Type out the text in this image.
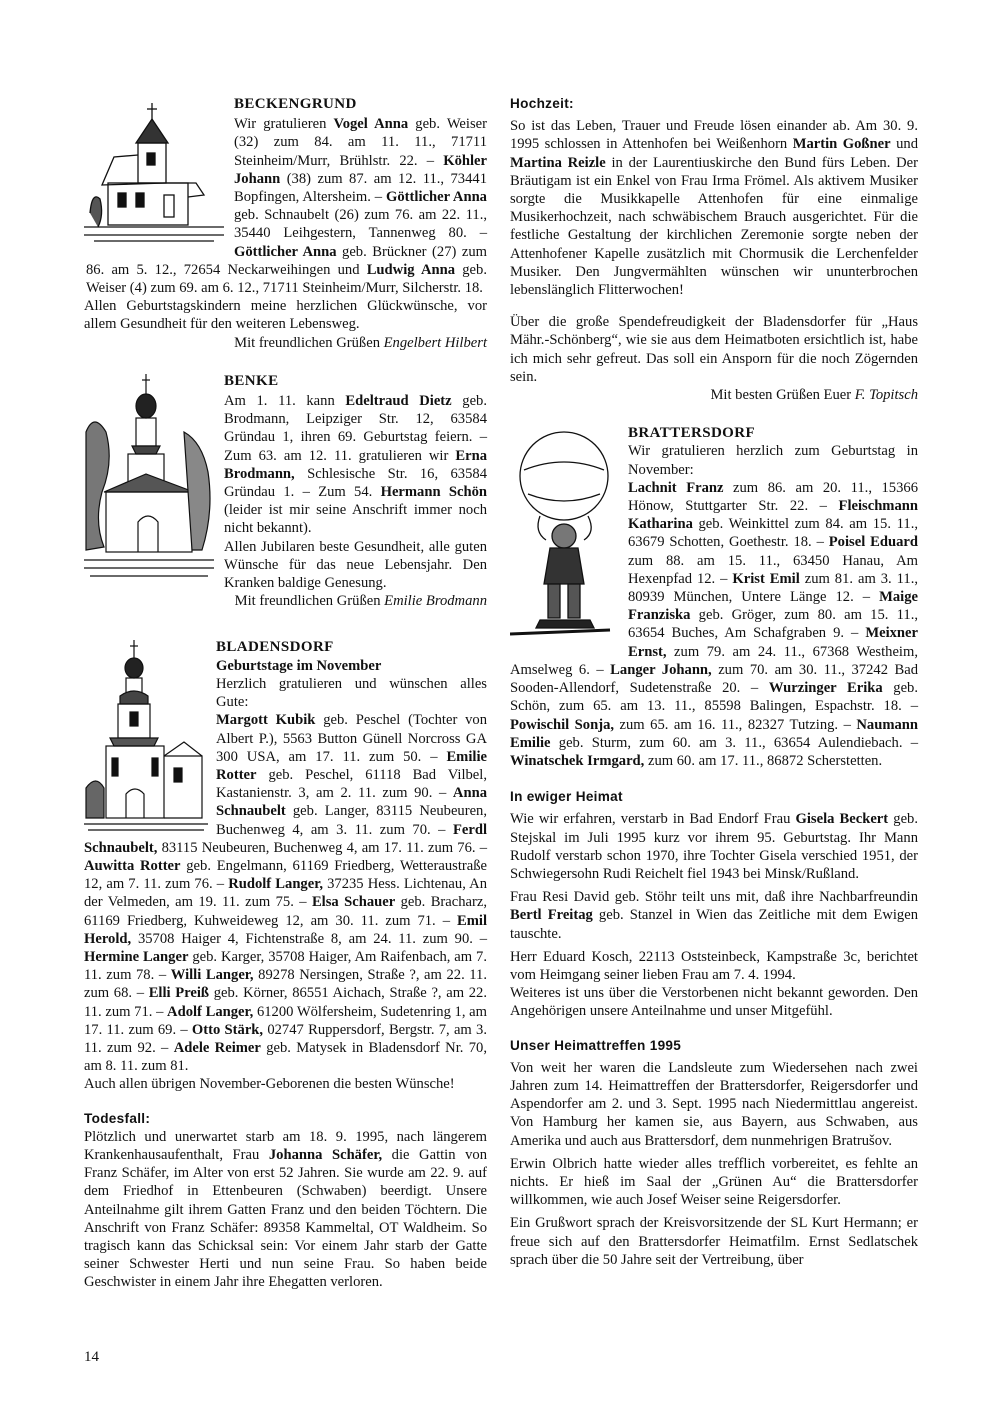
BECKENGRUND

Wir gratulieren Vogel Anna geb. Weiser (32) zum 84. am 11. 11., 71711 Steinheim/Murr, Brühlstr. 22. – Köhler Johann (38) zum 87. am 12. 11., 73441 Bopfingen, Altersheim. – Göttlicher Anna geb. Schnaubelt (26) zum 76. am 22. 11., 35440 Leihgestern, Tannenweg 80. – Göttlicher Anna geb. Brückner (27) zum 86. am 5. 12., 72654 Neckarweihingen und Ludwig Anna geb. Weiser (4) zum 69. am 6. 12., 71711 Steinheim/Murr, Silcherstr. 18.

Allen Geburtstagskindern meine herzlichen Glückwünsche, vor allem Gesundheit für den weiteren Lebensweg.

Mit freundlichen Grüßen Engelbert Hilbert

BENKE

Am 1. 11. kann Edeltraud Dietz geb. Brodmann, Leipziger Str. 12, 63584 Gründau 1, ihren 69. Geburtstag feiern. – Zum 63. am 12. 11. gratulieren wir Erna Brodmann, Schlesische Str. 16, 63584 Gründau 1. – Zum 54. Hermann Schön (leider ist mir seine Anschrift immer noch nicht bekannt).

Allen Jubilaren beste Gesundheit, alle guten Wünsche für das neue Lebensjahr. Den Kranken baldige Genesung.

Mit freundlichen Grüßen Emilie Brodmann

BLADENSDORF
Geburtstage im November

Herzlich gratulieren und wünschen alles Gute:

Margott Kubik geb. Peschel (Tochter von Albert P.), 5563 Button Günell Norcross GA 300 USA, am 17. 11. zum 50. – Emilie Rotter geb. Peschel, 61118 Bad Vilbel, Kastanienstr. 3, am 2. 11. zum 90. – Anna Schnaubelt geb. Langer, 83115 Neubeuren, Buchenweg 4, am 3. 11. zum 70. – Ferdl Schnaubelt, 83115 Neubeuren, Buchenweg 4, am 17. 11. zum 76. – Auwitta Rotter geb. Engelmann, 61169 Friedberg, Wetteraustraße 12, am 7. 11. zum 76. – Rudolf Langer, 37235 Hess. Lichtenau, An der Velmeden, am 19. 11. zum 75. – Elsa Schauer geb. Bracharz, 61169 Friedberg, Kuhweideweg 12, am 30. 11. zum 71. – Emil Herold, 35708 Haiger 4, Fichtenstraße 8, am 24. 11. zum 90. – Hermine Langer geb. Karger, 35708 Haiger, Am Raifenbach, am 7. 11. zum 78. – Willi Langer, 89278 Nersingen, Straße ?, am 22. 11. zum 68. – Elli Preiß geb. Körner, 86551 Aichach, Straße ?, am 22. 11. zum 71. – Adolf Langer, 61200 Wölfersheim, Sudetenring 1, am 17. 11. zum 69. – Otto Stärk, 02747 Ruppersdorf, Bergstr. 7, am 3. 11. zum 92. – Adele Reimer geb. Matysek in Bladensdorf Nr. 70, am 8. 11. zum 81.

Auch allen übrigen November-Geborenen die besten Wünsche!

Todesfall:

Plötzlich und unerwartet starb am 18. 9. 1995, nach längerem Krankenhausaufenthalt, Frau Johanna Schäfer, die Gattin von Franz Schäfer, im Alter von erst 52 Jahren. Sie wurde am 22. 9. auf dem Friedhof in Ettenbeuren (Schwaben) beerdigt. Unsere Anteilnahme gilt ihrem Gatten Franz und den beiden Töchtern. Die Anschrift von Franz Schäfer: 89358 Kammeltal, OT Waldheim. So tragisch kann das Schicksal sein: Vor einem Jahr starb der Gatte seiner Schwester Herti und nun seine Frau. So haben beide Geschwister in einem Jahr ihre Ehegatten verloren.

Hochzeit:

So ist das Leben, Trauer und Freude lösen einander ab. Am 30. 9. 1995 schlossen in Attenhofen bei Weißenhorn Martin Goßner und Martina Reizle in der Laurentiuskirche den Bund fürs Leben. Der Bräutigam ist ein Enkel von Frau Irma Frömel. Als aktivem Musiker sorgte die Musikkapelle Attenhofen für eine einmalige Musikerhochzeit, nach schwäbischem Brauch ausgerichtet. Für die festliche Gestaltung der kirchlichen Zeremonie sorgte neben der Attenhofener Kapelle zusätzlich mit Chormusik die Lerchenfelder Musiker. Den Jungvermählten wünschen wir ununterbrochen lebenslänglich Flitterwochen!

Über die große Spendefreudigkeit der Bladensdorfer für „Haus Mähr.-Schönberg“, wie sie aus dem Heimatboten ersichtlich ist, habe ich mich sehr gefreut. Das soll ein Ansporn für die noch Zögernden sein.

Mit besten Grüßen Euer F. Topitsch

BRATTERSDORF

Wir gratulieren herzlich zum Geburtstag in November:

Lachnit Franz zum 86. am 20. 11., 15366 Hönow, Stuttgarter Str. 22. – Fleischmann Katharina geb. Weinkittel zum 84. am 15. 11., 63679 Schotten, Goethestr. 18. – Poisel Eduard zum 88. am 15. 11., 63450 Hanau, Am Hexenpfad 12. – Krist Emil zum 81. am 3. 11., 80939 München, Untere Länge 12. – Maige Franziska geb. Gröger, zum 80. am 15. 11., 63654 Buches, Am Schafgraben 9. – Meixner Ernst, zum 79. am 24. 11., 67368 Westheim, Amselweg 6. – Langer Johann, zum 70. am 30. 11., 37242 Bad Sooden-Allendorf, Sudetenstraße 20. – Wurzinger Erika geb. Schön, zum 65. am 13. 11., 85598 Balingen, Espachstr. 18. – Powischil Sonja, zum 65. am 16. 11., 82327 Tutzing. – Naumann Emilie geb. Sturm, zum 60. am 3. 11., 63654 Aulendiebach. – Winatschek Irmgard, zum 60. am 17. 11., 86872 Scherstetten.

In ewiger Heimat

Wie wir erfahren, verstarb in Bad Endorf Frau Gisela Beckert geb. Stejskal im Juli 1995 kurz vor ihrem 95. Geburtstag. Ihr Mann Rudolf verstarb schon 1970, ihre Tochter Gisela verschied 1951, der Schwiegersohn Rudi Reichelt fiel 1943 bei Minsk/Rußland.

Frau Resi David geb. Stöhr teilt uns mit, daß ihre Nachbarfreundin Bertl Freitag geb. Stanzel in Wien das Zeitliche mit dem Ewigen tauschte.

Herr Eduard Kosch, 22113 Oststeinbeck, Kampstraße 3c, berichtet vom Heimgang seiner lieben Frau am 7. 4. 1994.

Weiteres ist uns über die Verstorbenen nicht bekannt geworden. Den Angehörigen unsere Anteilnahme und unser Mitgefühl.

Unser Heimattreffen 1995

Von weit her waren die Landsleute zum Wiedersehen nach zwei Jahren zum 14. Heimattreffen der Brattersdorfer, Reigersdorfer und Aspendorfer am 2. und 3. Sept. 1995 nach Niedermittlau angereist. Von Hamburg her kamen sie, aus Bayern, aus Schwaben, aus Amerika und auch aus Brattersdorf, dem nunmehrigen Bratrušov.

Erwin Olbrich hatte wieder alles trefflich vorbereitet, es fehlte an nichts. Er hieß im Saal der „Grünen Au“ die Brattersdorfer willkommen, wie auch Josef Weiser seine Reigersdorfer.

Ein Grußwort sprach der Kreisvorsitzende der SL Kurt Hermann; er freue sich auf den Brattersdorfer Heimatfilm. Ernst Sedlatschek sprach über die 50 Jahre seit der Vertreibung, über

14
